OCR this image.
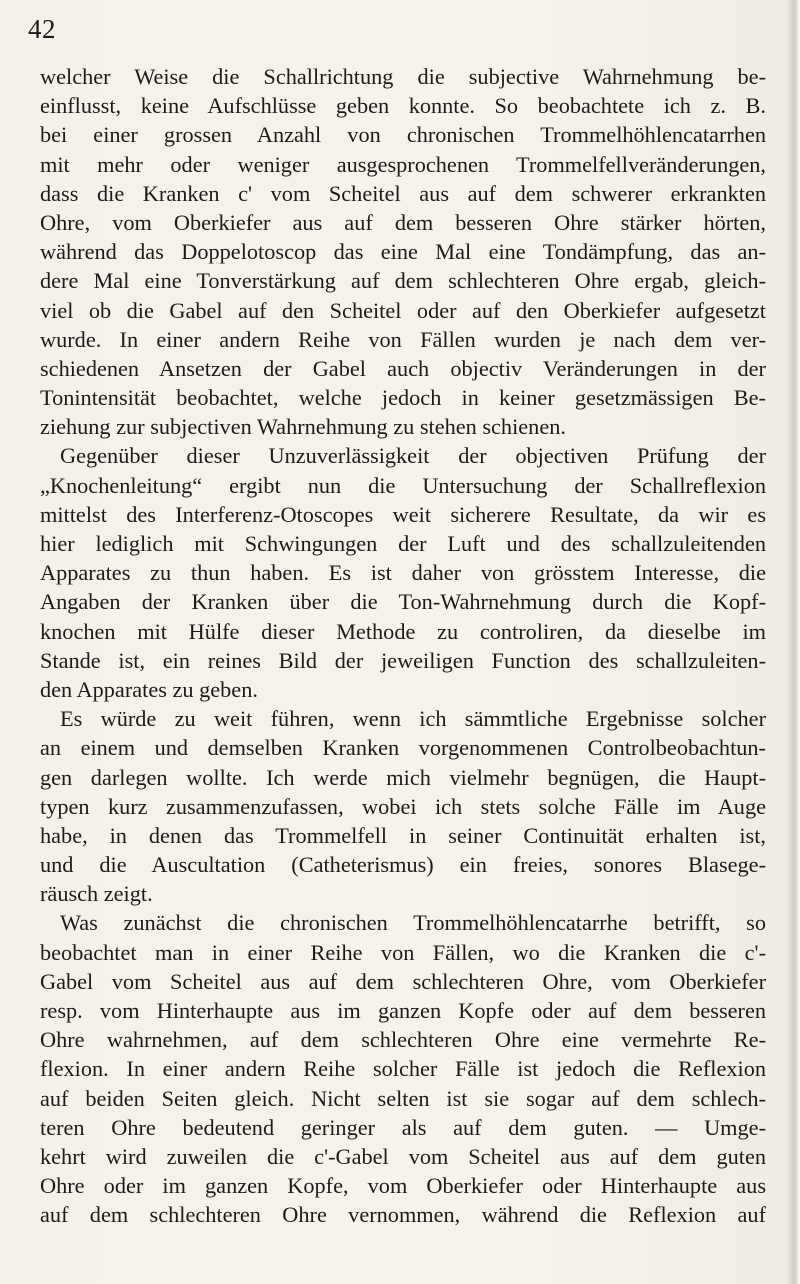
42
welcher Weise die Schallrichtung die subjective Wahrnehmung be-
einflusst, keine Aufschlüsse geben konnte. So beobachtete ich z. B.
bei einer grossen Anzahl von chronischen Trommelhöhlencatarrhen
mit mehr oder weniger ausgesprochenen Trommelfellveränderungen,
dass die Kranken c' vom Scheitel aus auf dem schwerer erkrankten
Ohre, vom Oberkiefer aus auf dem besseren Ohre stärker hörten,
während das Doppelotoscop das eine Mal eine Tondämpfung, das an-
dere Mal eine Tonverstärkung auf dem schlechteren Ohre ergab, gleich-
viel ob die Gabel auf den Scheitel oder auf den Oberkiefer aufgesetzt
wurde. In einer andern Reihe von Fällen wurden je nach dem ver-
schiedenen Ansetzen der Gabel auch objectiv Veränderungen in der
Tonintensität beobachtet, welche jedoch in keiner gesetzmässigen Be-
ziehung zur subjectiven Wahrnehmung zu stehen schienen.
Gegenüber dieser Unzuverlässigkeit der objectiven Prüfung der
„Knochenleitung“ ergibt nun die Untersuchung der Schallreflexion
mittelst des Interferenz-Otoscopes weit sicherere Resultate, da wir es
hier lediglich mit Schwingungen der Luft und des schallzuleitenden
Apparates zu thun haben. Es ist daher von grösstem Interesse, die
Angaben der Kranken über die Ton-Wahrnehmung durch die Kopf-
knochen mit Hülfe dieser Methode zu controliren, da dieselbe im
Stande ist, ein reines Bild der jeweiligen Function des schallzuleiten-
den Apparates zu geben.
Es würde zu weit führen, wenn ich sämmtliche Ergebnisse solcher
an einem und demselben Kranken vorgenommenen Controlbeobachtun-
gen darlegen wollte. Ich werde mich vielmehr begnügen, die Haupt-
typen kurz zusammenzufassen, wobei ich stets solche Fälle im Auge
habe, in denen das Trommelfell in seiner Continuität erhalten ist,
und die Auscultation (Catheterismus) ein freies, sonores Blasege-
räusch zeigt.
Was zunächst die chronischen Trommelhöhlencatarrhe betrifft, so
beobachtet man in einer Reihe von Fällen, wo die Kranken die c'-
Gabel vom Scheitel aus auf dem schlechteren Ohre, vom Oberkiefer
resp. vom Hinterhaupte aus im ganzen Kopfe oder auf dem besseren
Ohre wahrnehmen, auf dem schlechteren Ohre eine vermehrte Re-
flexion. In einer andern Reihe solcher Fälle ist jedoch die Reflexion
auf beiden Seiten gleich. Nicht selten ist sie sogar auf dem schlech-
teren Ohre bedeutend geringer als auf dem guten. — Umge-
kehrt wird zuweilen die c'-Gabel vom Scheitel aus auf dem guten
Ohre oder im ganzen Kopfe, vom Oberkiefer oder Hinterhaupte aus
auf dem schlechteren Ohre vernommen, während die Reflexion auf
